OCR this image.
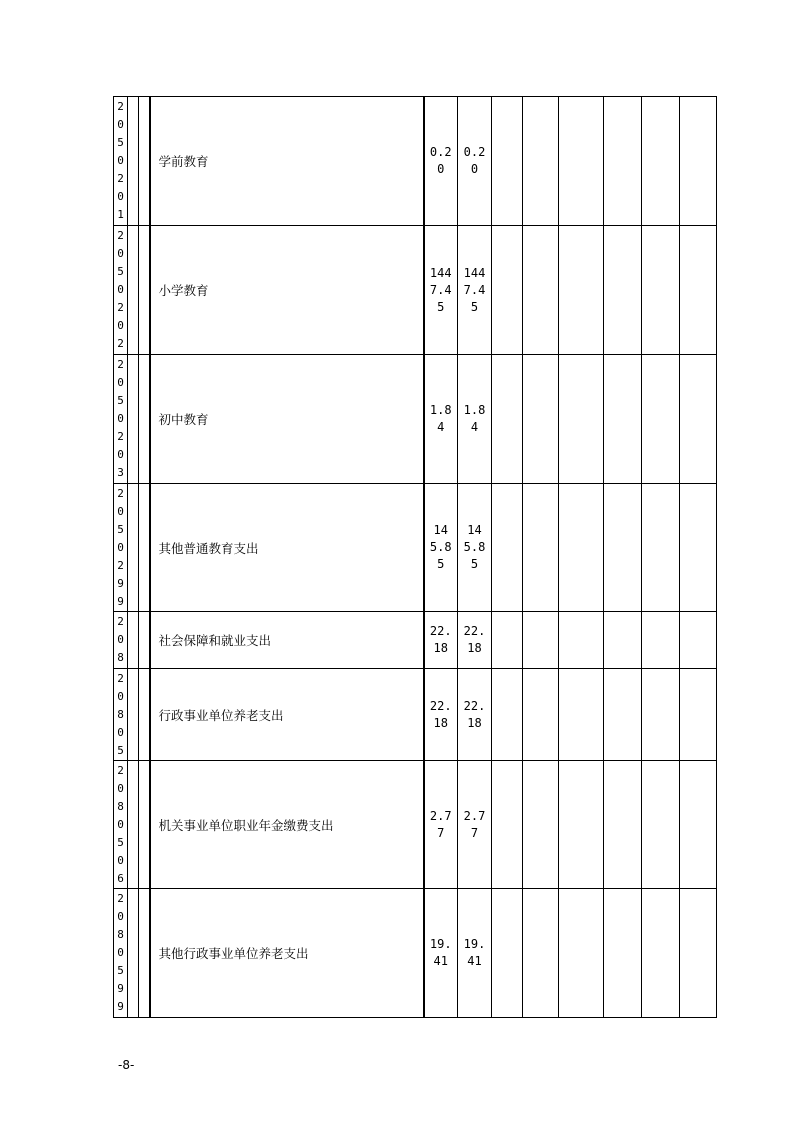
2050201			学前教育	0.20	0.20						
2050202			小学教育	1447.45	1447.45						
2050203			初中教育	1.84	1.84						
2050299			其他普通教育支出	145.85	145.85						
208			社会保障和就业支出	22.18	22.18						
20805			行政事业单位养老支出	22.18	22.18						
2080506			机关事业单位职业年金缴费支出	2.77	2.77						
2080599			其他行政事业单位养老支出	19.41	19.41						
-8-
